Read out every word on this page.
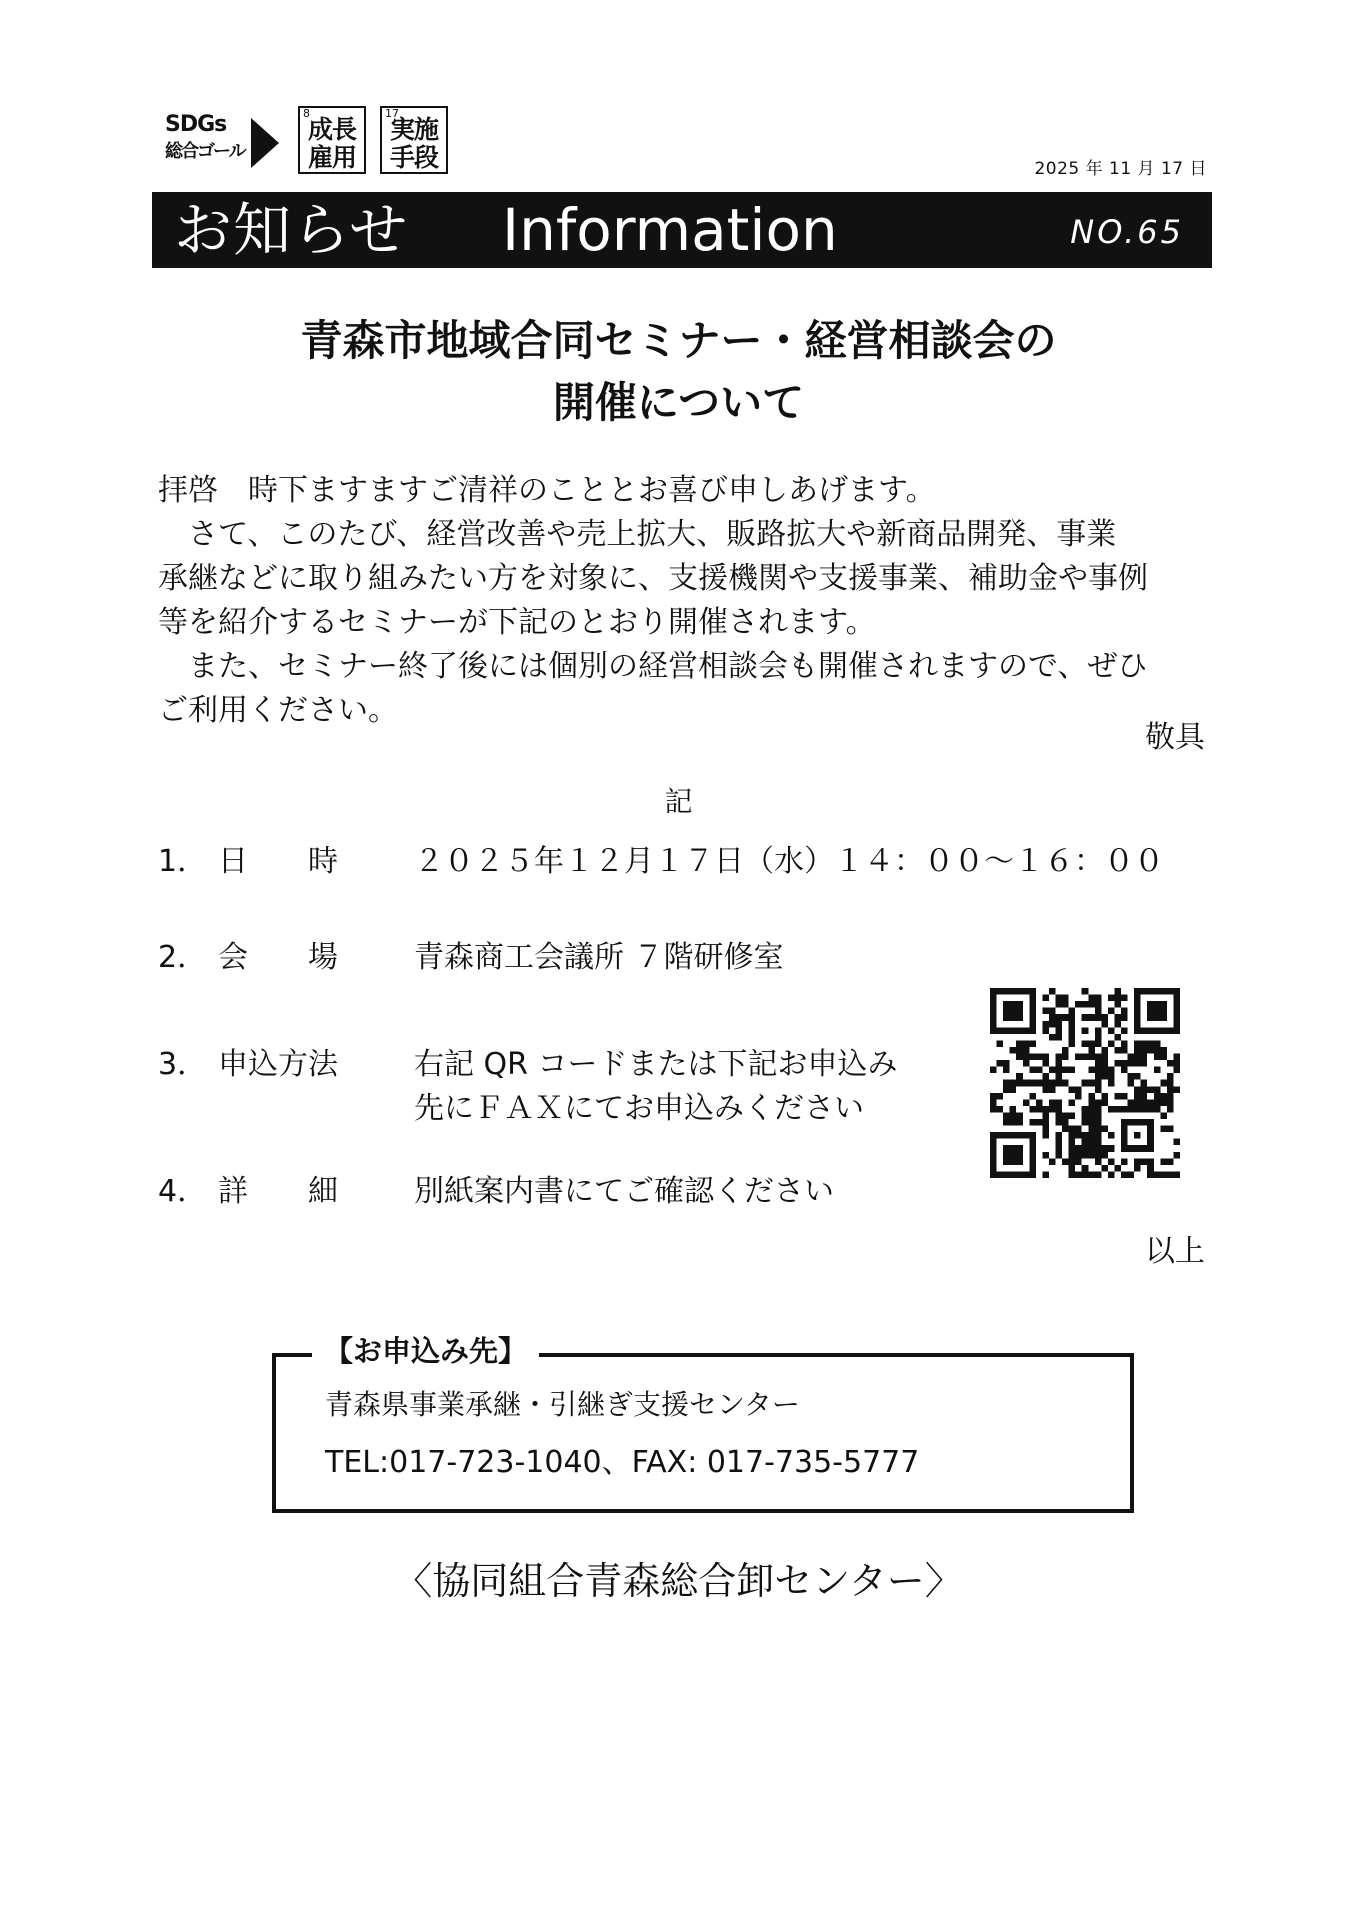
SDGs
総合ゴール
8
成長
雇用
17
実施
手段	2025 年 11 月 17 日
お知らせ Information	NO.65
青森市地域合同セミナー・経営相談会の
開催について
拝啓　時下ますますご清祥のこととお喜び申しあげます。
　さて、このたび、経営改善や売上拡大、販路拡大や新商品開発、事業
承継などに取り組みたい方を対象に、支援機関や支援事業、補助金や事例
等を紹介するセミナーが下記のとおり開催されます。
　また、セミナー終了後には個別の経営相談会も開催されますので、ぜひ
ご利用ください。
敬具
記
1． 日　　時	２０２５年１２月１７日（水）１４：００～１６：００
2． 会　　場	青森商工会議所 ７階研修室
3． 申込方法	右記 QR コードまたは下記お申込み
先にＦＡＸにてお申込みください
4． 詳　　細	別紙案内書にてご確認ください
以上
【お申込み先】
青森県事業承継・引継ぎ支援センター
TEL:017-723-1040、FAX: 017-735-5777
〈協同組合青森総合卸センター〉
